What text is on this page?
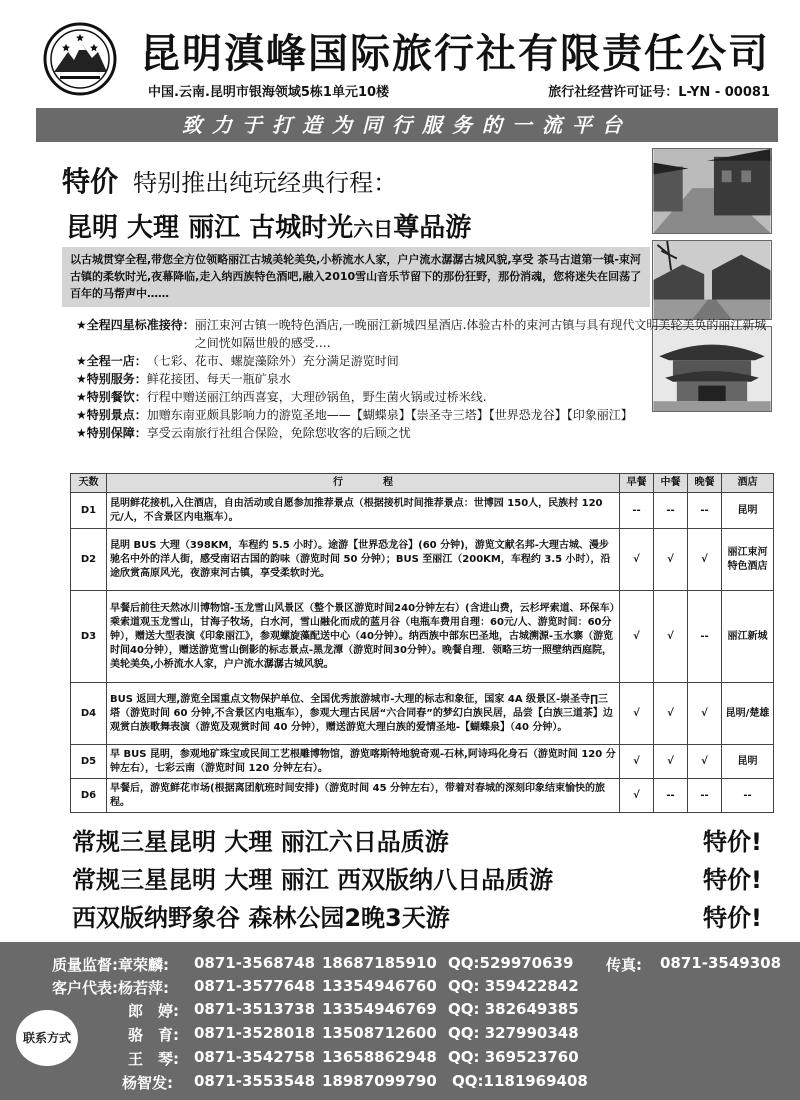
昆明滇峰国际旅行社有限责任公司
中国.云南.昆明市银海领域5栋1单元10楼	旅行社经营许可证号：L-YN - 00081
致力于打造为同行服务的一流平台
特价 特别推出纯玩经典行程：
昆明 大理 丽江 古城时光六日尊品游
以古城贯穿全程,带您全方位领略丽江古城美轮美奂,小桥流水人家，户户流水潺潺古城风貌,享受 茶马古道第一镇-束河古镇的柔软时光,夜幕降临,走入纳西族特色酒吧,融入2010雪山音乐节留下的那份狂野，那份消魂，您将迷失在回荡了百年的马帮声中……
★全程四星标准接待： 丽江束河古镇一晚特色酒店,一晚丽江新城四星酒店.体验古朴的束河古镇与具有现代文明美轮美奂的丽江新城之间恍如隔世般的感受….
★全程一店： （七彩、花市、螺旋藻除外）充分满足游览时间
★特别服务： 鲜花接团、每天一瓶矿泉水
★特别餐饮： 行程中赠送丽江纳西喜宴，大理砂锅鱼，野生菌火锅或过桥米线.
★特别景点： 加赠东南亚颇具影响力的游览圣地——【蝴蝶泉】【崇圣寺三塔】【世界恐龙谷】【印象丽江】
★特别保障： 享受云南旅行社组合保险，免除您收客的后顾之忧
天数	行　　　　程	早餐	中餐	晚餐	酒店
D1	昆明鲜花接机,入住酒店，自由活动或自愿参加推荐景点（根据接机时间推荐景点：世博园 150人，民族村 120元/人，不含景区内电瓶车）。	--	--	--	昆明
D2	昆明 BUS 大理（398KM，车程约 5.5 小时）。途游【世界恐龙谷】(60 分钟)，游览文献名邦-大理古城、漫步驰名中外的洋人街，感受南诏古国的韵味（游览时间 50 分钟）；BUS 至丽江（200KM，车程约 3.5 小时），沿途欣赏高原风光，夜游束河古镇，享受柔软时光。	√	√	√	丽江束河特色酒店
D3	早餐后前往天然冰川博物馆-玉龙雪山风景区（整个景区游览时间240分钟左右）(含进山费，云杉坪索道、环保车）乘索道观玉龙雪山，甘海子牧场，白水河，雪山融化而成的蓝月谷（电瓶车费用自理：60元/人、游览时间：60分钟），赠送大型表演《印象丽江》，参观螺旋藻配送中心（40分钟）。纳西族中部东巴圣地，古城溯源-玉水寨（游览时间40分钟），赠送游览雪山倒影的标志景点-黑龙潭（游览时间30分钟）。晚餐自理．领略三坊一照壁纳西庭院，美轮美奂,小桥流水人家，户户流水潺潺古城风貌。	√	√	--	丽江新城
D4	BUS 返回大理,游览全国重点文物保护单位、全国优秀旅游城市-大理的标志和象征，国家 4A 级景区-崇圣寺∏三塔（游览时间 60 分钟,不含景区内电瓶车），参观大理古民居“六合同春”的梦幻白族民居，品尝【白族三道茶】边观赏白族歌舞表演（游览及观赏时间 40 分钟），赠送游览大理白族的爱情圣地-【蝴蝶泉】（40 分钟）。	√	√	√	昆明/楚雄
D5	早 BUS 昆明，参观地矿珠宝或民间工艺根雕博物馆，游览喀斯特地貌奇观-石林,阿诗玛化身石（游览时间 120 分钟左右），七彩云南（游览时间 120 分钟左右）。	√	√	√	昆明
D6	早餐后，游览鲜花市场(根据离团航班时间安排)（游览时间 45 分钟左右），带着对春城的深刻印象结束愉快的旅程。	√	--	--	--
常规三星昆明 大理 丽江六日品质游	特价!
常规三星昆明 大理 丽江 西双版纳八日品质游	特价!
西双版纳野象谷 森林公园2晚3天游	特价!
质量监督:章荣麟: 0871-3568748 18687185910 QQ:529970639 传真: 0871-3549308
客户代表:杨若萍: 0871-3577648 13354946760 QQ: 359422842
郎　婷: 0871-3513738 13354946769 QQ: 382649385
骆　育: 0871-3528018 13508712600 QQ: 327990348
王　琴: 0871-3542758 13658862948 QQ: 369523760
杨智发: 0871-3553548 18987099790 QQ:1181969408
联系方式
